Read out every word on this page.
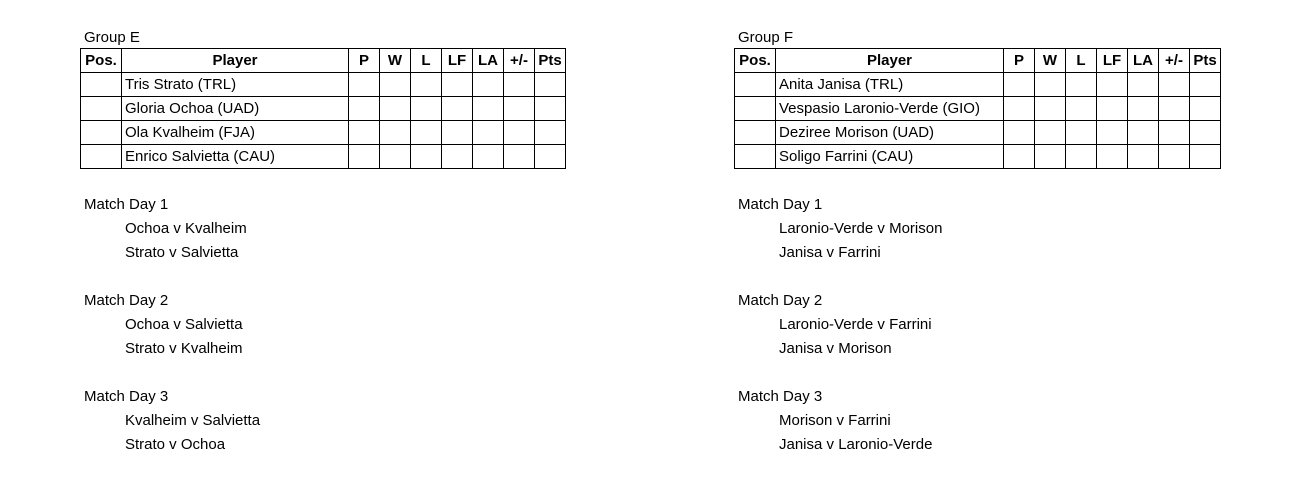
Group E
Pos.	Player	P	W	L	LF	LA	+/-	Pts
	Tris Strato (TRL)							
	Gloria Ochoa (UAD)							
	Ola Kvalheim (FJA)							
	Enrico Salvietta (CAU)							
Match Day 1
Ochoa v Kvalheim
Strato v Salvietta
Match Day 2
Ochoa v Salvietta
Strato v Kvalheim
Match Day 3
Kvalheim v Salvietta
Strato v Ochoa
Group F
Pos.	Player	P	W	L	LF	LA	+/-	Pts
	Anita Janisa (TRL)							
	Vespasio Laronio-Verde (GIO)							
	Deziree Morison (UAD)							
	Soligo Farrini (CAU)							
Match Day 1
Laronio-Verde v Morison
Janisa v Farrini
Match Day 2
Laronio-Verde v Farrini
Janisa v Morison
Match Day 3
Morison v Farrini
Janisa v Laronio-Verde
